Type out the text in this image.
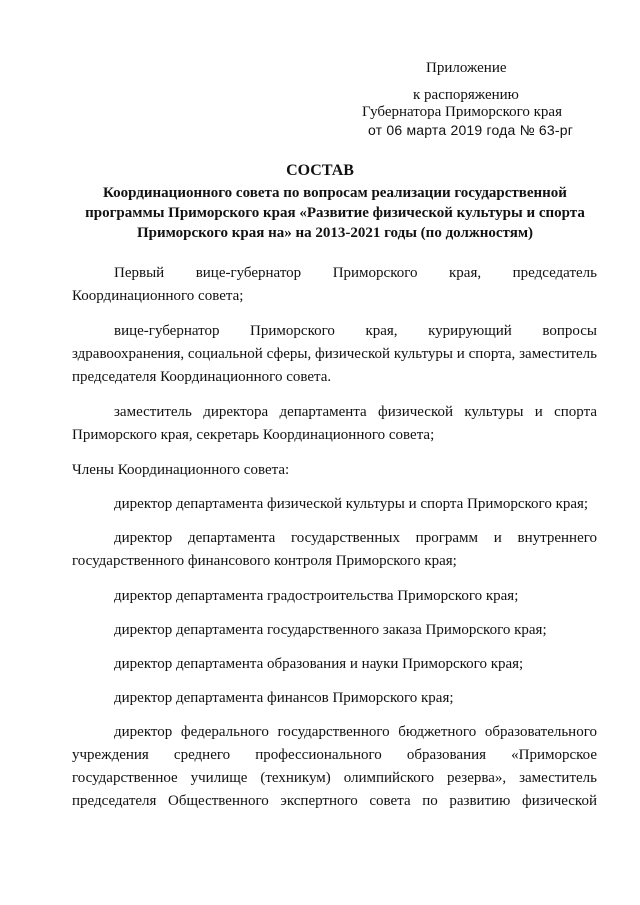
Приложение
к распоряжению
Губернатора Приморского края
от 06 марта 2019 года № 63-рг
СОСТАВ
Координационного совета по вопросам реализации государственной программы Приморского края «Развитие физической культуры и спорта Приморского края на» на 2013-2021 годы (по должностям)

Первый вице-губернатор Приморского края, председатель Координационного совета;

вице-губернатор Приморского края, курирующий вопросы здравоохранения, социальной сферы, физической культуры и спорта, заместитель председателя Координационного совета.

заместитель директора департамента физической культуры и спорта Приморского края, секретарь Координационного совета;

Члены Координационного совета:

директор департамента физической культуры и спорта Приморского края;

директор департамента государственных программ и внутреннего государственного финансового контроля Приморского края;

директор департамента градостроительства Приморского края;

директор департамента государственного заказа Приморского края;

директор департамента образования и науки Приморского края;

директор департамента финансов Приморского края;

директор федерального государственного бюджетного образовательного учреждения среднего профессионального образования «Приморское государственное училище (техникум) олимпийского резерва», заместитель председателя Общественного экспертного совета по развитию физической
